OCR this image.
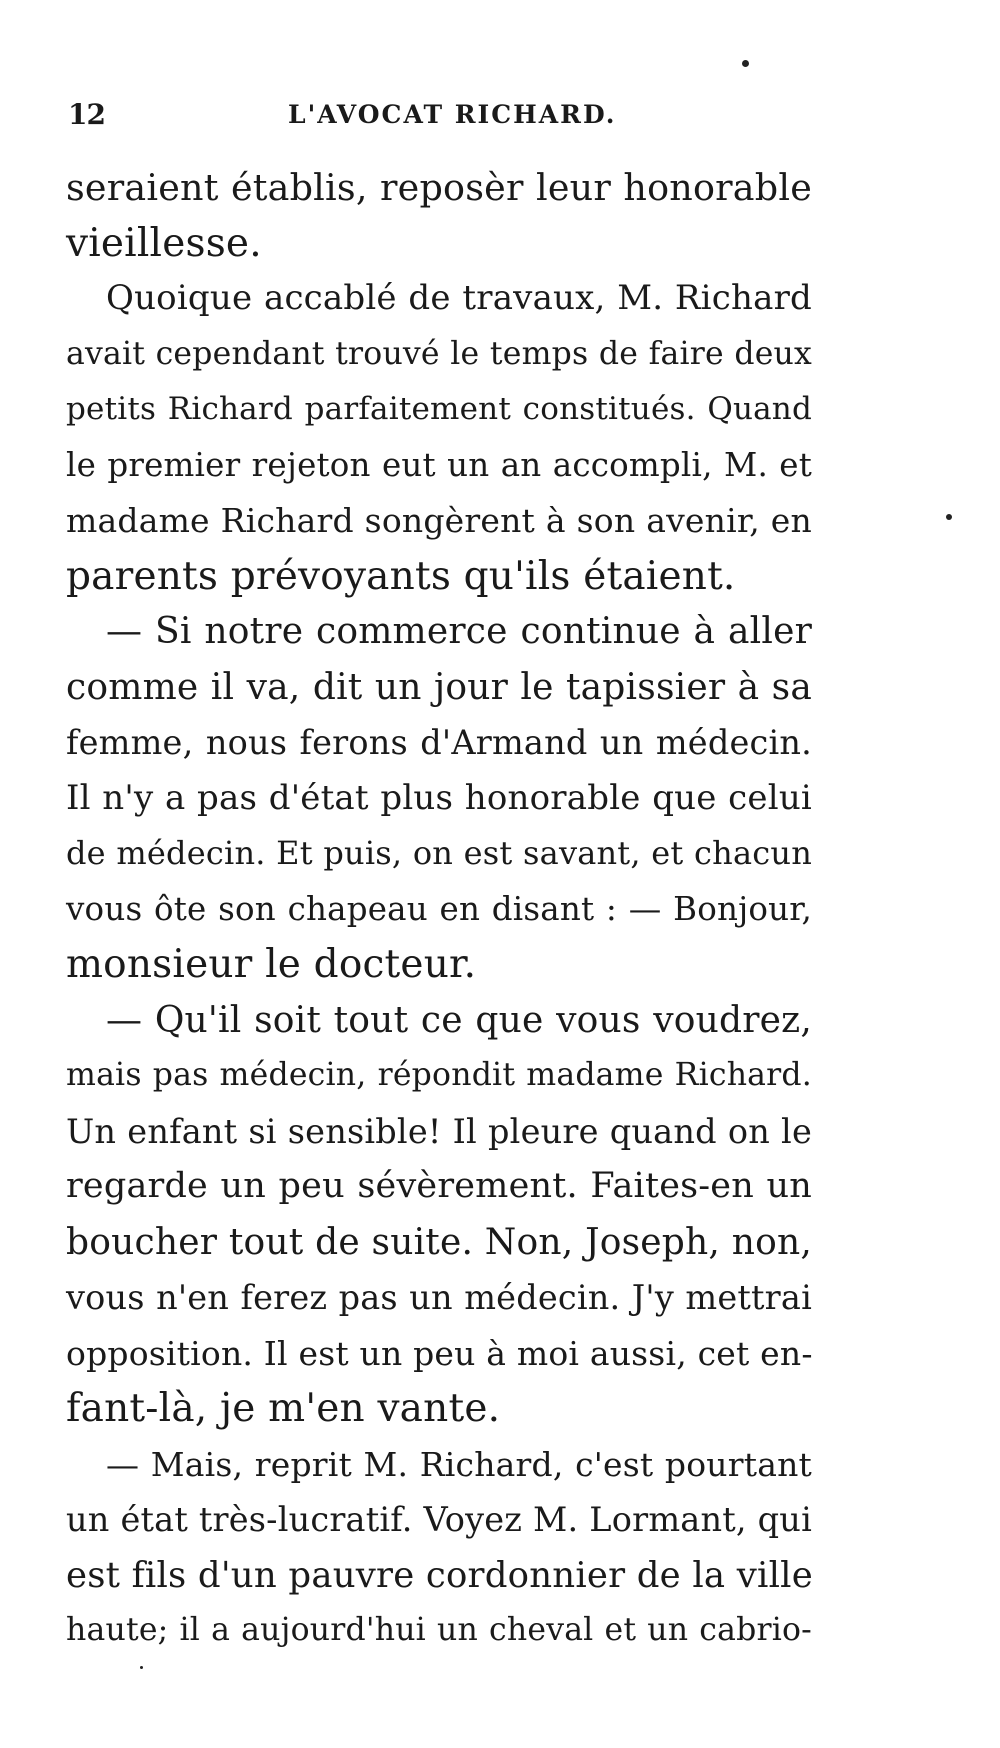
12	L'AVOCAT RICHARD.
seraient établis, reposèr leur honorable
vieillesse.
Quoique accablé de travaux, M. Richard
avait cependant trouvé le temps de faire deux
petits Richard parfaitement constitués. Quand
le premier rejeton eut un an accompli, M. et
madame Richard songèrent à son avenir, en
parents prévoyants qu'ils étaient.
— Si notre commerce continue à aller
comme il va, dit un jour le tapissier à sa
femme, nous ferons d'Armand un médecin.
Il n'y a pas d'état plus honorable que celui
de médecin. Et puis, on est savant, et chacun
vous ôte son chapeau en disant : — Bonjour,
monsieur le docteur.
— Qu'il soit tout ce que vous voudrez,
mais pas médecin, répondit madame Richard.
Un enfant si sensible! Il pleure quand on le
regarde un peu sévèrement. Faites-en un
boucher tout de suite. Non, Joseph, non,
vous n'en ferez pas un médecin. J'y mettrai
opposition. Il est un peu à moi aussi, cet en-
fant-là, je m'en vante.
— Mais, reprit M. Richard, c'est pourtant
un état très-lucratif. Voyez M. Lormant, qui
est fils d'un pauvre cordonnier de la ville
haute; il a aujourd'hui un cheval et un cabrio-
